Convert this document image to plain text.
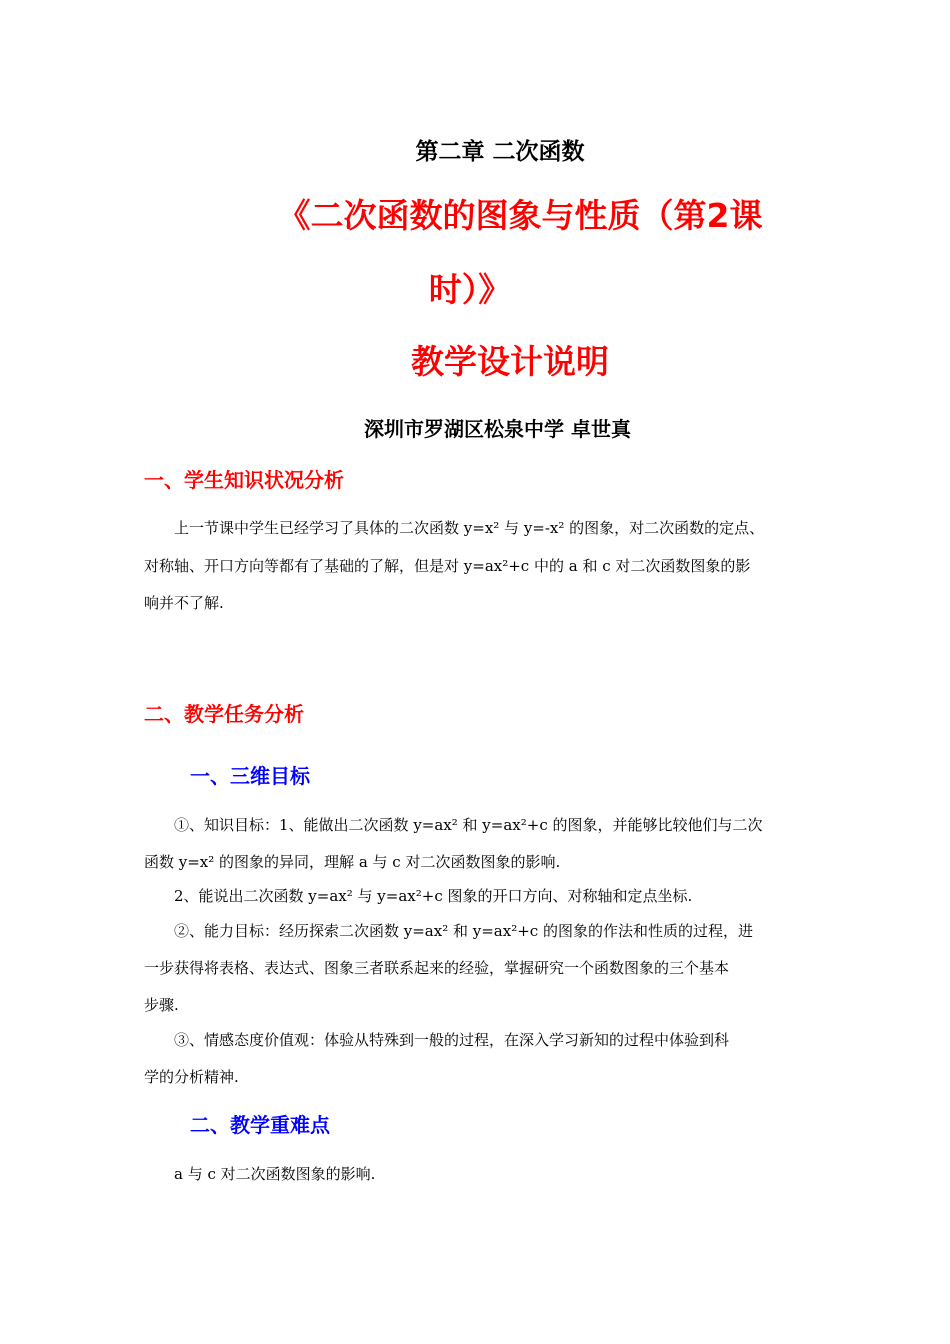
第二章 二次函数

《二次函数的图象与性质（第2课

时）》

教学设计说明

深圳市罗湖区松泉中学 卓世真

一、学生知识状况分析

上一节课中学生已经学习了具体的二次函数 y=x² 与 y=-x² 的图象，对二次函数的定点、

对称轴、开口方向等都有了基础的了解，但是对 y=ax²+c 中的 a 和 c 对二次函数图象的影

响并不了解.

二、教学任务分析

一、三维目标

①、知识目标：1、能做出二次函数 y=ax² 和 y=ax²+c 的图象，并能够比较他们与二次

函数 y=x² 的图象的异同，理解 a 与 c 对二次函数图象的影响.

2、能说出二次函数 y=ax² 与 y=ax²+c 图象的开口方向、对称轴和定点坐标.

②、能力目标：经历探索二次函数 y=ax² 和 y=ax²+c 的图象的作法和性质的过程，进

一步获得将表格、表达式、图象三者联系起来的经验，掌握研究一个函数图象的三个基本

步骤.

③、情感态度价值观：体验从特殊到一般的过程，在深入学习新知的过程中体验到科

学的分析精神.

二、教学重难点

a 与 c 对二次函数图象的影响.
